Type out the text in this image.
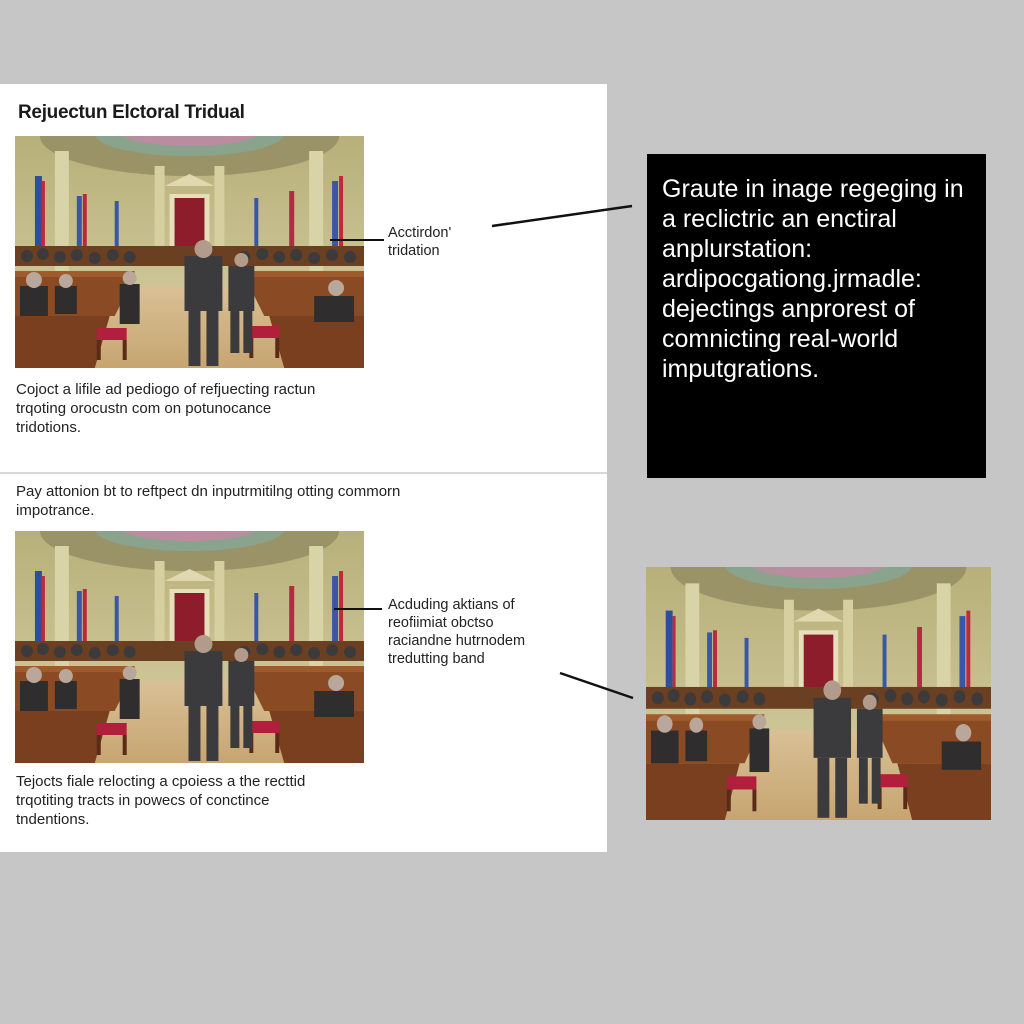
Rejuectun Elctoral Tridual
Acctirdon'
tridation
Cojoct a lifile ad pediogo of refjuecting ractun
trqoting orocustn com on potunocance
tridotions.
Pay attonion bt to reftpect dn inputrmitilng otting commorn
impotrance.
Acduding aktians of
reofiimiat obctso
raciandne hutrnodem
tredutting band
Tejocts fiale relocting a cpoiess a the recttid
trqotiting tracts in powecs of conctince
tndentions.
Graute in inage regeging in
a reclictric an enctiral
anplurstation:
ardipocgationg.jrmadle:
dejectings anprorest of
comnicting real-world
imputgrations.
